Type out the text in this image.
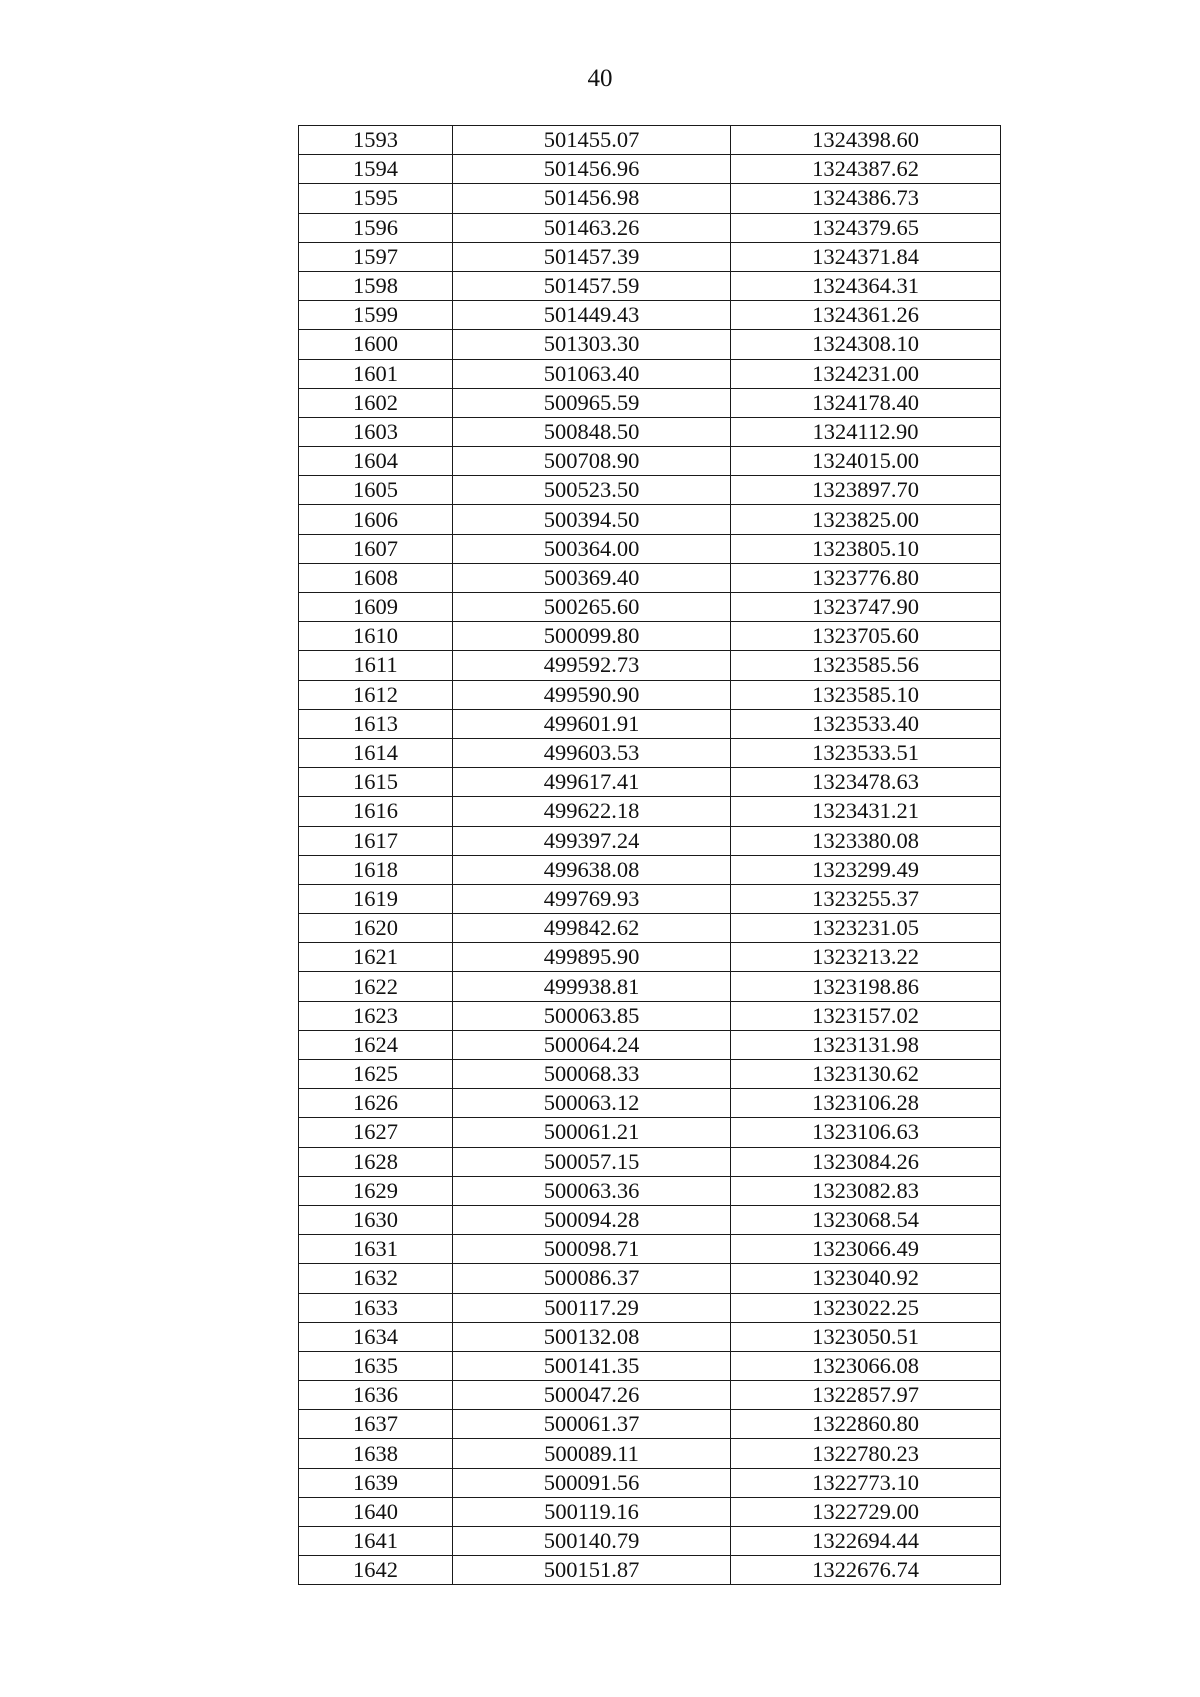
40
1593	501455.07	1324398.60
1594	501456.96	1324387.62
1595	501456.98	1324386.73
1596	501463.26	1324379.65
1597	501457.39	1324371.84
1598	501457.59	1324364.31
1599	501449.43	1324361.26
1600	501303.30	1324308.10
1601	501063.40	1324231.00
1602	500965.59	1324178.40
1603	500848.50	1324112.90
1604	500708.90	1324015.00
1605	500523.50	1323897.70
1606	500394.50	1323825.00
1607	500364.00	1323805.10
1608	500369.40	1323776.80
1609	500265.60	1323747.90
1610	500099.80	1323705.60
1611	499592.73	1323585.56
1612	499590.90	1323585.10
1613	499601.91	1323533.40
1614	499603.53	1323533.51
1615	499617.41	1323478.63
1616	499622.18	1323431.21
1617	499397.24	1323380.08
1618	499638.08	1323299.49
1619	499769.93	1323255.37
1620	499842.62	1323231.05
1621	499895.90	1323213.22
1622	499938.81	1323198.86
1623	500063.85	1323157.02
1624	500064.24	1323131.98
1625	500068.33	1323130.62
1626	500063.12	1323106.28
1627	500061.21	1323106.63
1628	500057.15	1323084.26
1629	500063.36	1323082.83
1630	500094.28	1323068.54
1631	500098.71	1323066.49
1632	500086.37	1323040.92
1633	500117.29	1323022.25
1634	500132.08	1323050.51
1635	500141.35	1323066.08
1636	500047.26	1322857.97
1637	500061.37	1322860.80
1638	500089.11	1322780.23
1639	500091.56	1322773.10
1640	500119.16	1322729.00
1641	500140.79	1322694.44
1642	500151.87	1322676.74
